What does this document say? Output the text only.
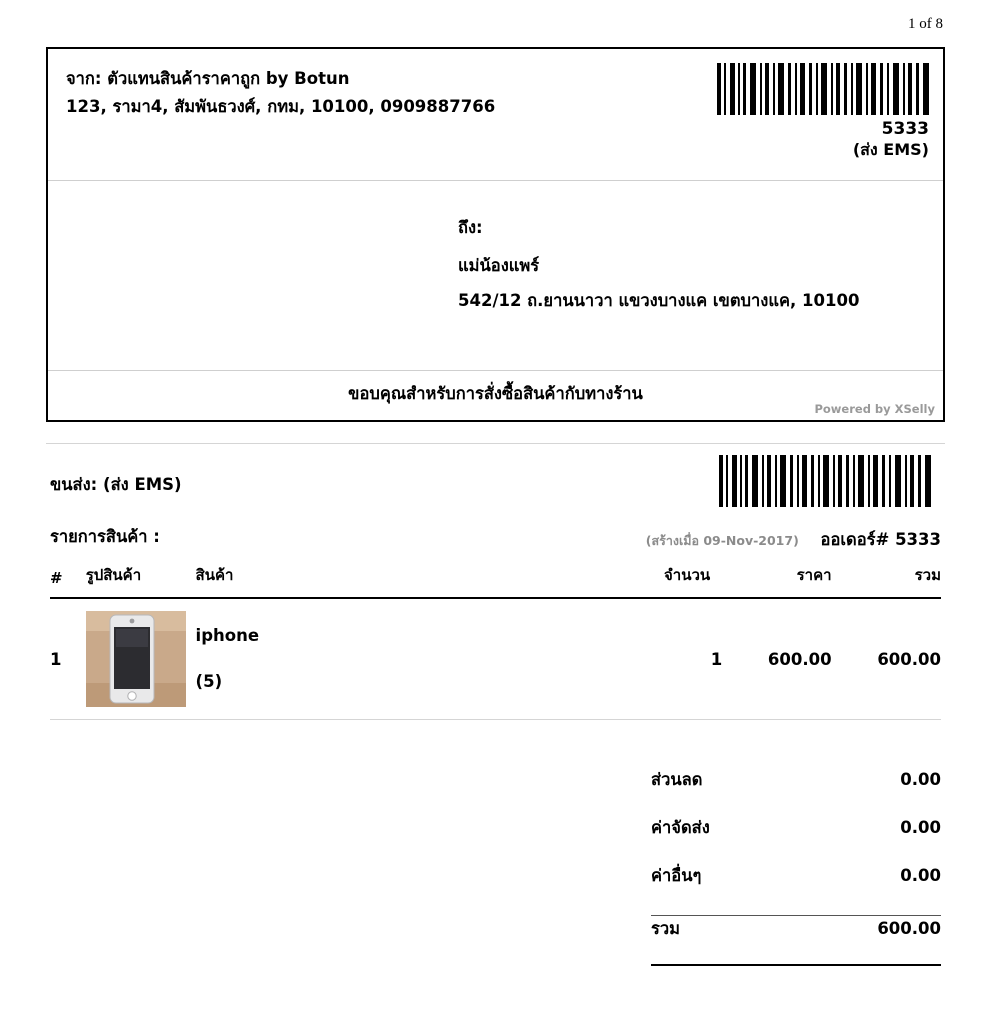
1 of 8
จาก: ตัวแทนสินค้าราคาถูก by Botun
123, รามา4, สัมพันธวงศ์, กทม, 10100, 0909887766
5333
(ส่ง EMS)
ถึง:
แม่น้องแพร์
542/12 ถ.ยานนาวา แขวงบางแค เขตบางแค, 10100
ขอบคุณสำหรับการสั่งซื้อสินค้ากับทางร้าน
Powered by XSelly
ขนส่ง: (ส่ง EMS)
รายการสินค้า :	(สร้างเมื่อ 09-Nov-2017) ออเดอร์# 5333
#	รูปสินค้า	สินค้า	จำนวน	ราคา	รวม
1		iphone
(5)	1	600.00	600.00
ส่วนลด	0.00
ค่าจัดส่ง	0.00
ค่าอื่นๆ	0.00
รวม	600.00
